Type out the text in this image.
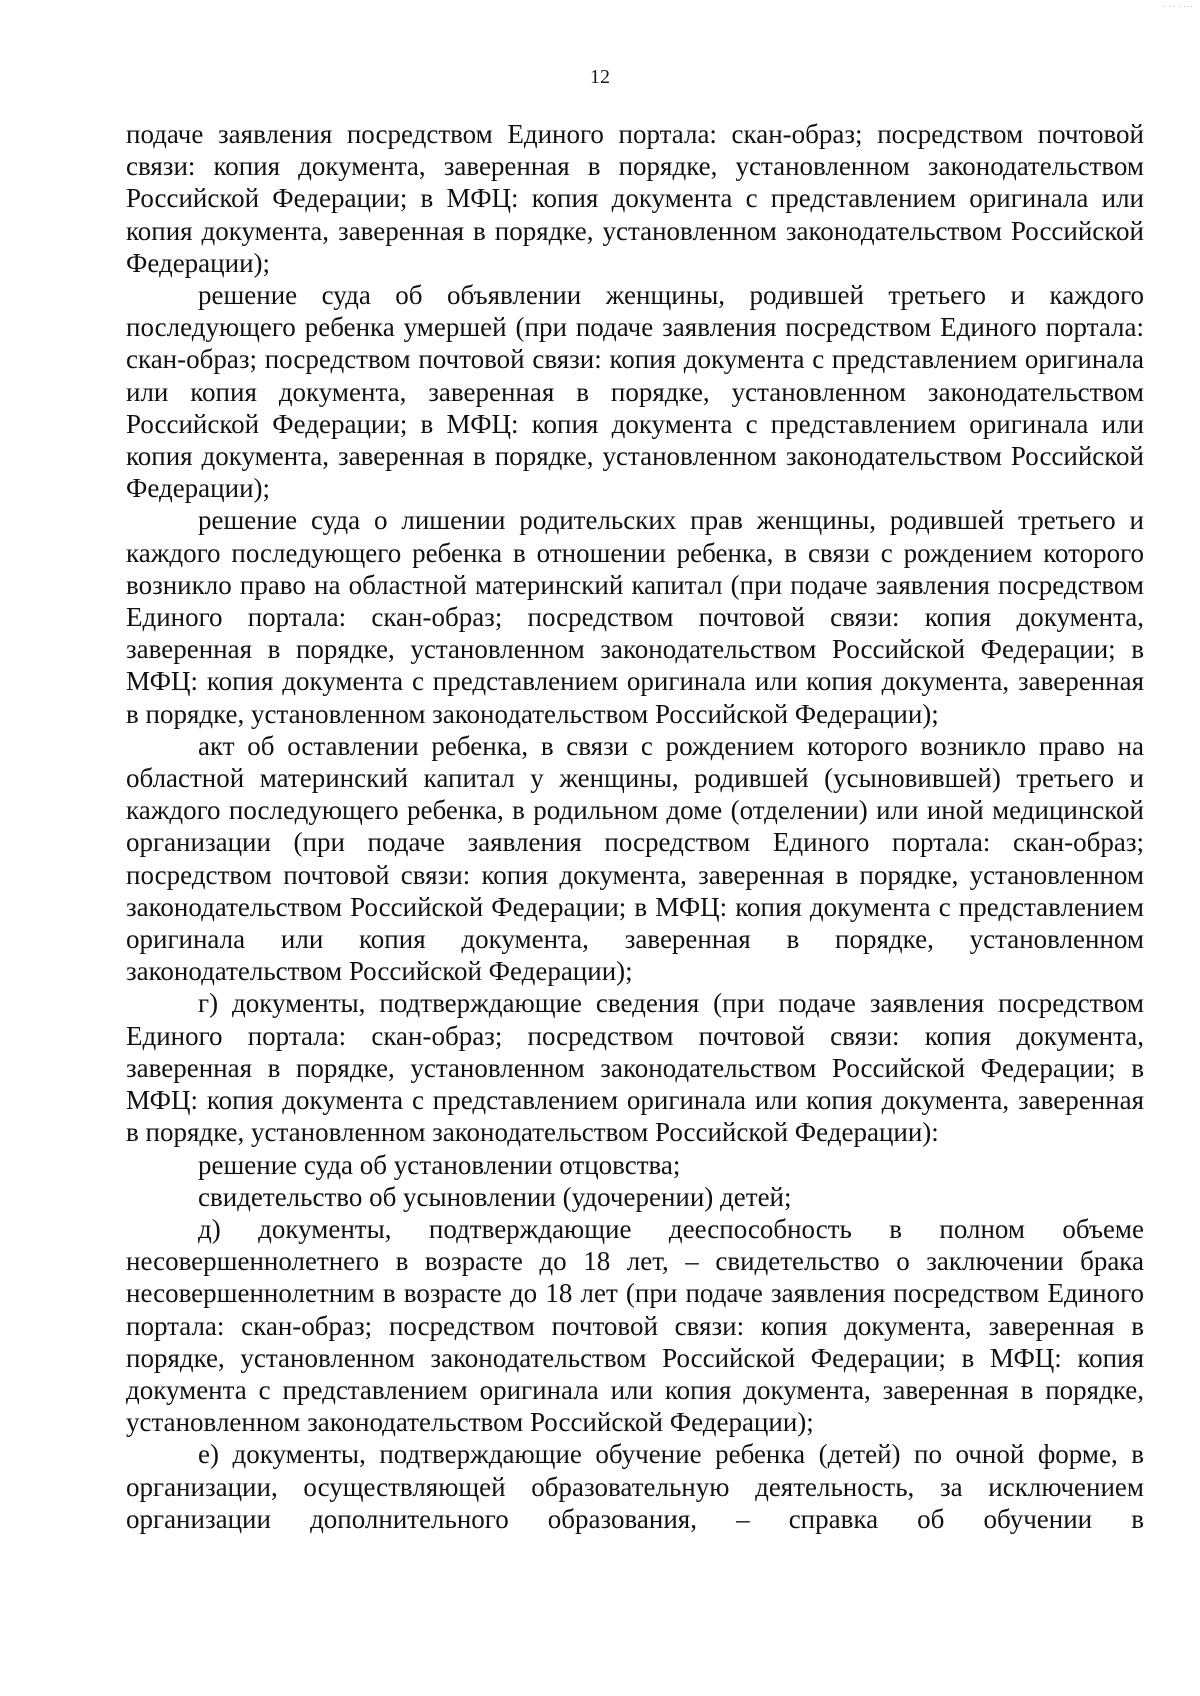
· ·· ····
12

подаче заявления посредством Единого портала: скан-образ; посредством почтовой связи: копия документа, заверенная в порядке, установленном законодательством Российской Федерации; в МФЦ: копия документа с представлением оригинала или копия документа, заверенная в порядке, установленном законодательством Российской Федерации);

решение суда об объявлении женщины, родившей третьего и каждого последующего ребенка умершей (при подаче заявления посредством Единого портала: скан-образ; посредством почтовой связи: копия документа с представлением оригинала или копия документа, заверенная в порядке, установленном законодательством Российской Федерации; в МФЦ: копия документа с представлением оригинала или копия документа, заверенная в порядке, установленном законодательством Российской Федерации);

решение суда о лишении родительских прав женщины, родившей третьего и каждого последующего ребенка в отношении ребенка, в связи с рождением которого возникло право на областной материнский капитал (при подаче заявления посредством Единого портала: скан-образ; посредством почтовой связи: копия документа, заверенная в порядке, установленном законодательством Российской Федерации; в МФЦ: копия документа с представлением оригинала или копия документа, заверенная в порядке, установленном законодательством Российской Федерации);

акт об оставлении ребенка, в связи с рождением которого возникло право на областной материнский капитал у женщины, родившей (усыновившей) третьего и каждого последующего ребенка, в родильном доме (отделении) или иной медицинской организации (при подаче заявления посредством Единого портала: скан-образ; посредством почтовой связи: копия документа, заверенная в порядке, установленном законодательством Российской Федерации; в МФЦ: копия документа с представлением оригинала или копия документа, заверенная в порядке, установленном законодательством Российской Федерации);

г) документы, подтверждающие сведения (при подаче заявления посредством Единого портала: скан-образ; посредством почтовой связи: копия документа, заверенная в порядке, установленном законодательством Российской Федерации; в МФЦ: копия документа с представлением оригинала или копия документа, заверенная в порядке, установленном законодательством Российской Федерации):

решение суда об установлении отцовства;

свидетельство об усыновлении (удочерении) детей;

д) документы, подтверждающие дееспособность в полном объеме несовершеннолетнего в возрасте до 18 лет, – свидетельство о заключении брака несовершеннолетним в возрасте до 18 лет (при подаче заявления посредством Единого портала: скан-образ; посредством почтовой связи: копия документа, заверенная в порядке, установленном законодательством Российской Федерации; в МФЦ: копия документа с представлением оригинала или копия документа, заверенная в порядке, установленном законодательством Российской Федерации);

е) документы, подтверждающие обучение ребенка (детей) по очной форме, в организации, осуществляющей образовательную деятельность, за исключением организации дополнительного образования, – справка об обучении в
